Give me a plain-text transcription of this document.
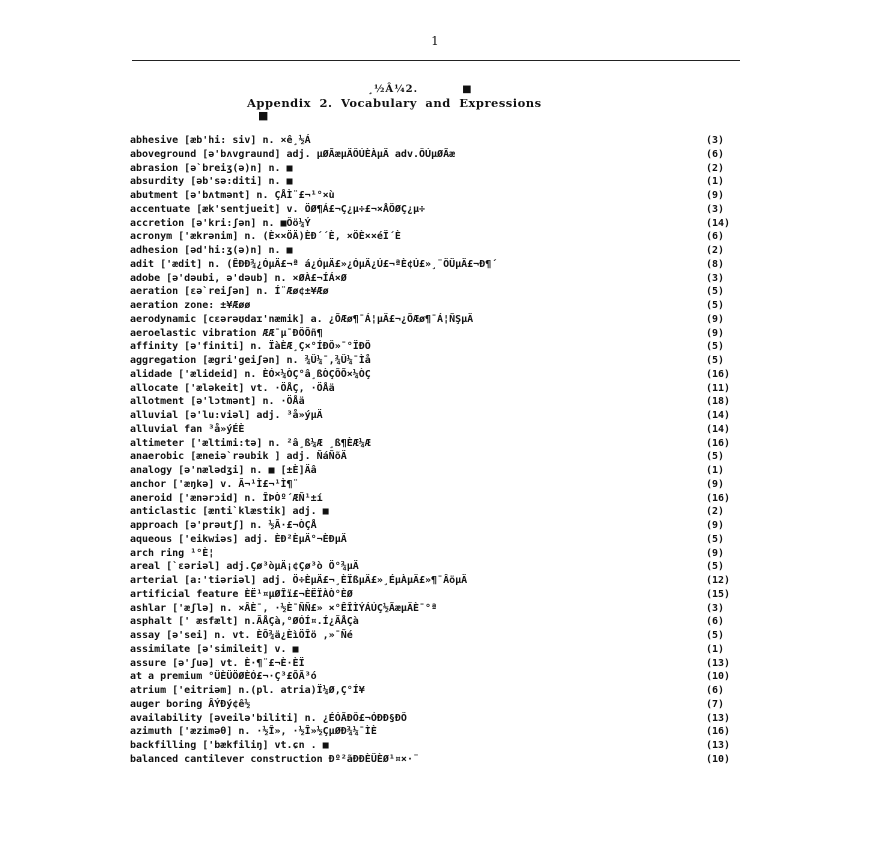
1
¸½Â¼2.	■
Appendix 2. Vocabulary and Expressions
■
abhesive [æb'hi: siv] n. ×ê¸½Á	(3)
aboveground [ə'bʌvgraund] adj. µØÃæµÄÔÚÈÀµÄ adv.ÔÚµØÃæ	(6)
abrasion [ə`breiʒ(ə)n] n. ■	(2)
absurdity [əb'sə:diti] n. ■	(1)
abutment [ə'bʌtmənt] n. ÇÅÌ¨£¬¹°×ù	(9)
accentuate [æk'sentjueit] v. ÖØ¶Á£¬Ç¿µ÷£¬×ÅÖØÇ¿µ÷	(3)
accretion [ə'kri:ʃən] n. ■Ôö¼Ý	(14)
acronym ['ækrənim] n. (È××ÖÄ)ÈÐ´´È, ×ÖÈ××éÏ´È	(6)
adhesion [əd'hi:ʒ(ə)n] n. ■	(2)
adit ['ædit] n. (ÊÐÐ¾¿ÓµÄ£¬ª á¿ÓµÄ£»¿ÓµÄ¿Ú£¬ªÈ¢Ú£»¸¨ÖÜµÄ£¬Ð¶´	(8)
adobe [ə'dəubi, ə'dəub] n. ×ØÀ£¬ÍÁ×Ø	(3)
aeration [ɛə`reiʃən] n. Í¨Æø¢±¥Æø	(5)
aeration zone: ±¥Æøø	(5)
aerodynamic [cɛərəʊdaɪ'næmik] a. ¿ÕÆø¶¯Á¦µÄ£¬¿ÕÆø¶¯Á¦ÑŞµÄ	(9)
aeroelastic vibration ÆÆ¯µ¯ÐÔÕñ¶	(9)
affinity [ə'finiti] n. ÏàÈÆ¸Ç×°ÍÐÔ»¯°ÏÐÔ	(5)
aggregation [ægri'geiʃən] n. ¾Û¼¯,¾Û¼¯Ìå	(5)
alidade ['ælideid] n. ÈÓ×¼ÒÇ°â¸ßÒÇÕÕ×¼ÒÇ	(16)
allocate ['æləkeit] vt. ·ÖÅÇ, ·ÖÅä	(11)
allotment [ə'lɔtmənt] n. ·ÖÅä	(18)
alluvial [ə'lu:viəl] adj. ³å»ýµÄ	(14)
alluvial fan ³å»ýÉÈ	(14)
altimeter ['æltimi:tə] n. ²â¸ß¼Æ ¸ß¶ÈÆ¼Æ	(16)
anaerobic [æneiə`rəubik ] adj. ÑáÑõÄ	(5)
analogy [ə'nælədʒi] n. ■ [±È]Äâ	(1)
anchor ['æŋkə] v. Ã¬¹Ì£¬¹Ì¶¨	(9)
aneroid ['ænərɔid] n. ÎÞÒº´ÆÑ¹±í	(16)
anticlastic [ænti`klæstik] adj. ■	(2)
approach [ə'prəutʃ] n. ½Ã·£¬ÒÇÅ	(9)
aqueous ['eikwiəs] adj. ÈÐ²ÈµÄ°¬ÈÐµÄ	(5)
arch ring ¹°È¦	(9)
areal [`ɛəriəl] adj.Çø³òµÄ¡¢Çø³ò Ö°¾µÄ	(5)
arterial [a:'tiəriəl] adj. Ö÷ÈµÄ£¬¸ÈÏßµÄ£»¸ÉµÀµÄ£»¶¯ÂöµÄ	(12)
artificial feature ÈË¹¤µØÎï£¬ÈËÏÀÒ°ÈØ	(15)
ashlar ['æʃlə] n. ×ÂÈ¯, ·½È¯ÑÑ£» ×°ÊÎÌÝÁÚÇ½ÃæµÄÈ¯°ª	(3)
asphalt [' æsfælt] n.ÃÅÇà,°ØÓÍ¤.Í¿ÃÅÇà	(6)
assay [ə'sei] n. vt. ÈÕ¾ä¿ÈìÖÎö ,»¯Ñé	(5)
assimilate [ə'simileit] v. ■	(1)
assure [ə'ʃuə] vt. È·¶¨£¬È·ÈÏ	(13)
at a premium °ÜÈÜÖØÈÓ£¬·Ç³£ÕÃ³ó	(10)
atrium ['eitriəm] n.(pl. atria)Ï¼Ø,Ç°Í¥	(6)
auger boring ÂÝÐý¢ê½	(7)
availability [əveilə'biliti] n. ¿ÉÓÃÐÔ£¬ÓÐÐ§ÐÔ	(13)
azimuth ['æziməθ] n. ·½Î», ·½Î»½ÇµØÐ¾¼¯ÌÈ	(16)
backfilling ['bækfiliŋ] vt.ɕn . ■	(13)
balanced cantilever construction Ðº²ãÐÐÈÜÈØ¹¤×·¨	(10)
